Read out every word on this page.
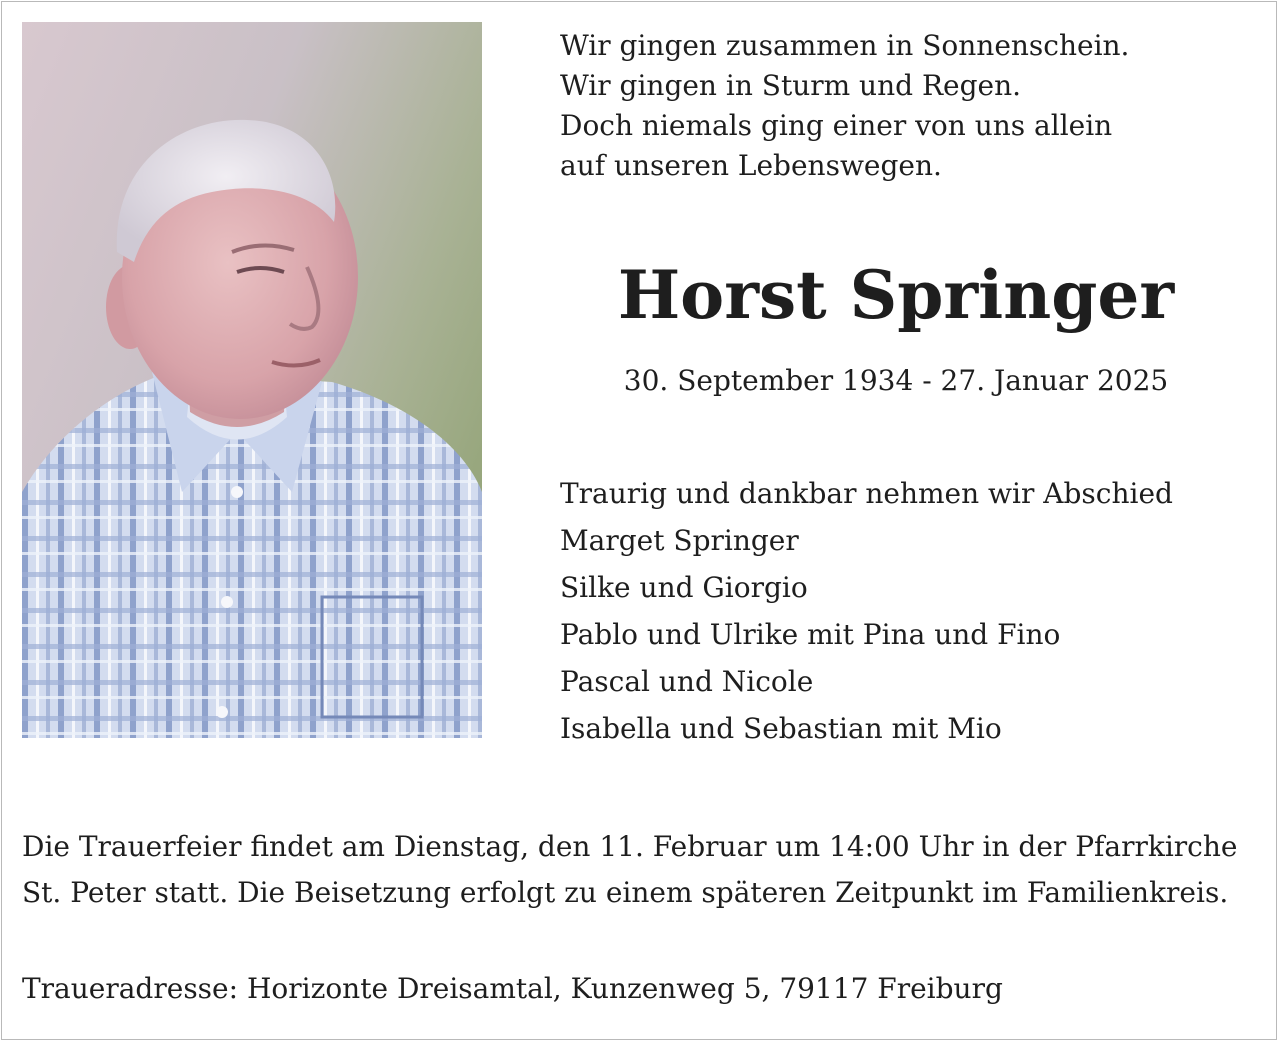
Wir gingen zusammen in Sonnenschein.
Wir gingen in Sturm und Regen.
Doch niemals ging einer von uns allein
auf unseren Lebenswegen.
Horst Springer
30. September 1934 - 27. Januar 2025
Traurig und dankbar nehmen wir Abschied
Marget Springer
Silke und Giorgio
Pablo und Ulrike mit Pina und Fino
Pascal und Nicole
Isabella und Sebastian mit Mio
Die Trauerfeier findet am Dienstag, den 11. Februar um 14:00 Uhr in der Pfarrkirche
St. Peter statt. Die Beisetzung erfolgt zu einem späteren Zeitpunkt im Familienkreis.
Traueradresse: Horizonte Dreisamtal, Kunzenweg 5, 79117 Freiburg
